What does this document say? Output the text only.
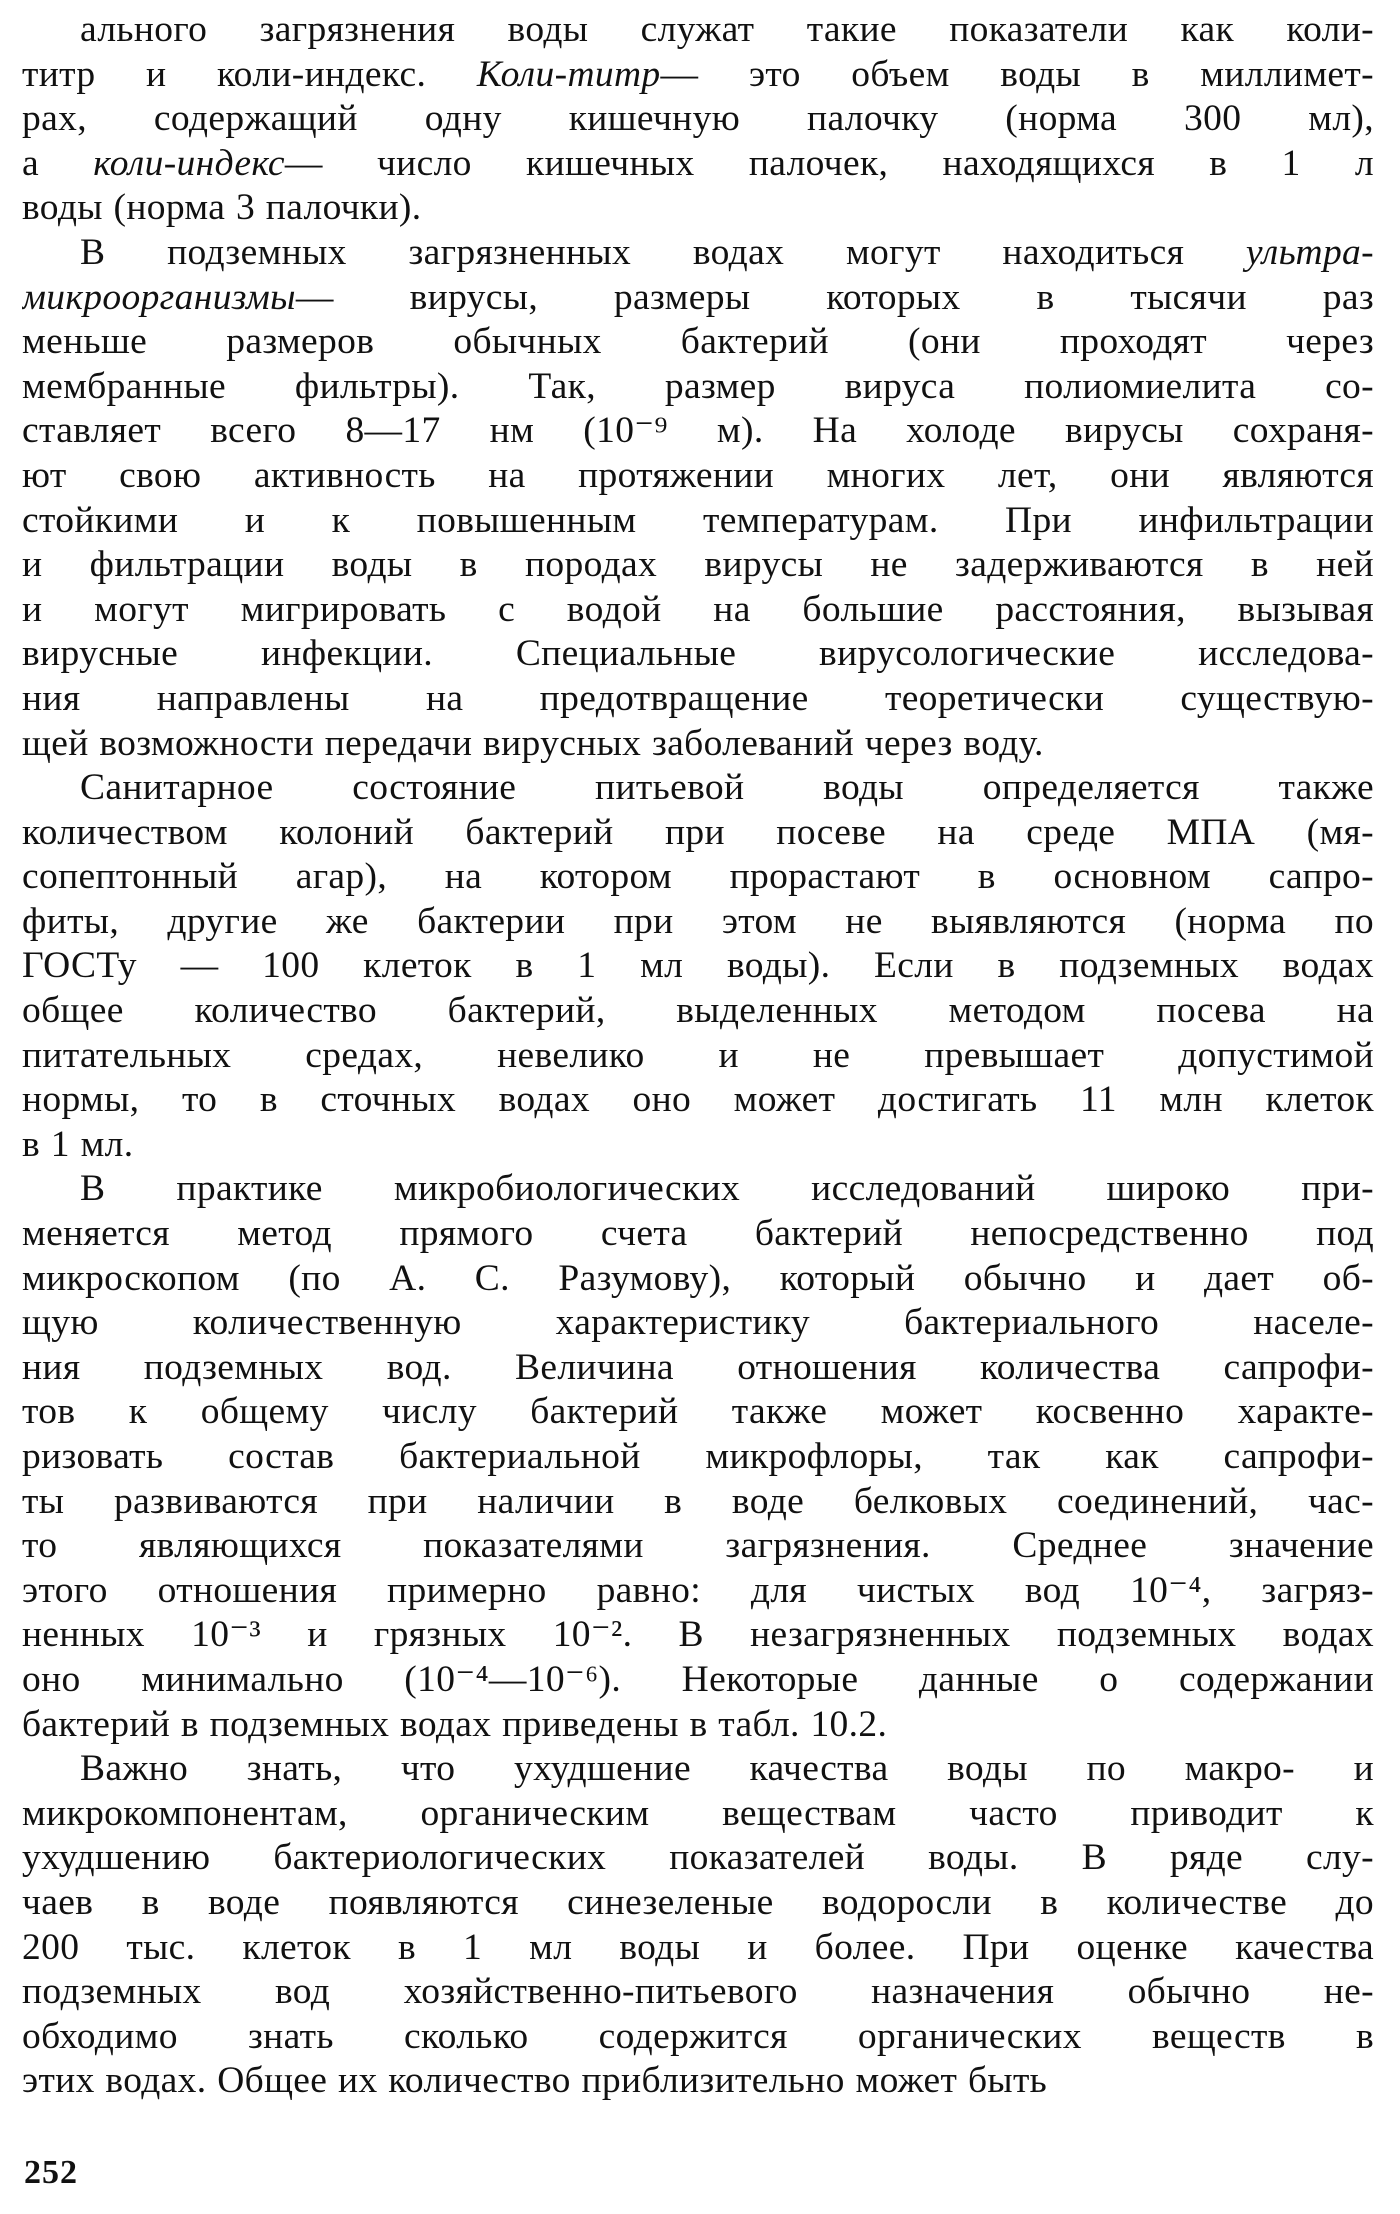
ального загрязнения воды служат такие показатели как коли-
титр и коли-индекс. Коли-титр— это объем воды в миллимет-
рах, содержащий одну кишечную палочку (норма 300 мл),
а коли-индекс— число кишечных палочек, находящихся в 1 л
воды (норма 3 палочки).
В подземных загрязненных водах могут находиться ультра-
микроорганизмы— вирусы, размеры которых в тысячи раз
меньше размеров обычных бактерий (они проходят через
мембранные фильтры). Так, размер вируса полиомиелита со-
ставляет всего 8—17 нм (10⁻⁹ м). На холоде вирусы сохраня-
ют свою активность на протяжении многих лет, они являются
стойкими и к повышенным температурам. При инфильтрации
и фильтрации воды в породах вирусы не задерживаются в ней
и могут мигрировать с водой на большие расстояния, вызывая
вирусные инфекции. Специальные вирусологические исследова-
ния направлены на предотвращение теоретически существую-
щей возможности передачи вирусных заболеваний через воду.
Санитарное состояние питьевой воды определяется также
количеством колоний бактерий при посеве на среде МПА (мя-
сопептонный агар), на котором прорастают в основном сапро-
фиты, другие же бактерии при этом не выявляются (норма по
ГОСТу — 100 клеток в 1 мл воды). Если в подземных водах
общее количество бактерий, выделенных методом посева на
питательных средах, невелико и не превышает допустимой
нормы, то в сточных водах оно может достигать 11 млн клеток
в 1 мл.
В практике микробиологических исследований широко при-
меняется метод прямого счета бактерий непосредственно под
микроскопом (по А. С. Разумову), который обычно и дает об-
щую количественную характеристику бактериального населе-
ния подземных вод. Величина отношения количества сапрофи-
тов к общему числу бактерий также может косвенно характе-
ризовать состав бактериальной микрофлоры, так как сапрофи-
ты развиваются при наличии в воде белковых соединений, час-
то являющихся показателями загрязнения. Среднее значение
этого отношения примерно равно: для чистых вод 10⁻⁴, загряз-
ненных 10⁻³ и грязных 10⁻². В незагрязненных подземных водах
оно минимально (10⁻⁴—10⁻⁶). Некоторые данные о содержании
бактерий в подземных водах приведены в табл. 10.2.
Важно знать, что ухудшение качества воды по макро- и
микрокомпонентам, органическим веществам часто приводит к
ухудшению бактериологических показателей воды. В ряде слу-
чаев в воде появляются синезеленые водоросли в количестве до
200 тыс. клеток в 1 мл воды и более. При оценке качества
подземных вод хозяйственно-питьевого назначения обычно не-
обходимо знать сколько содержится органических веществ в
этих водах. Общее их количество приблизительно может быть
252
